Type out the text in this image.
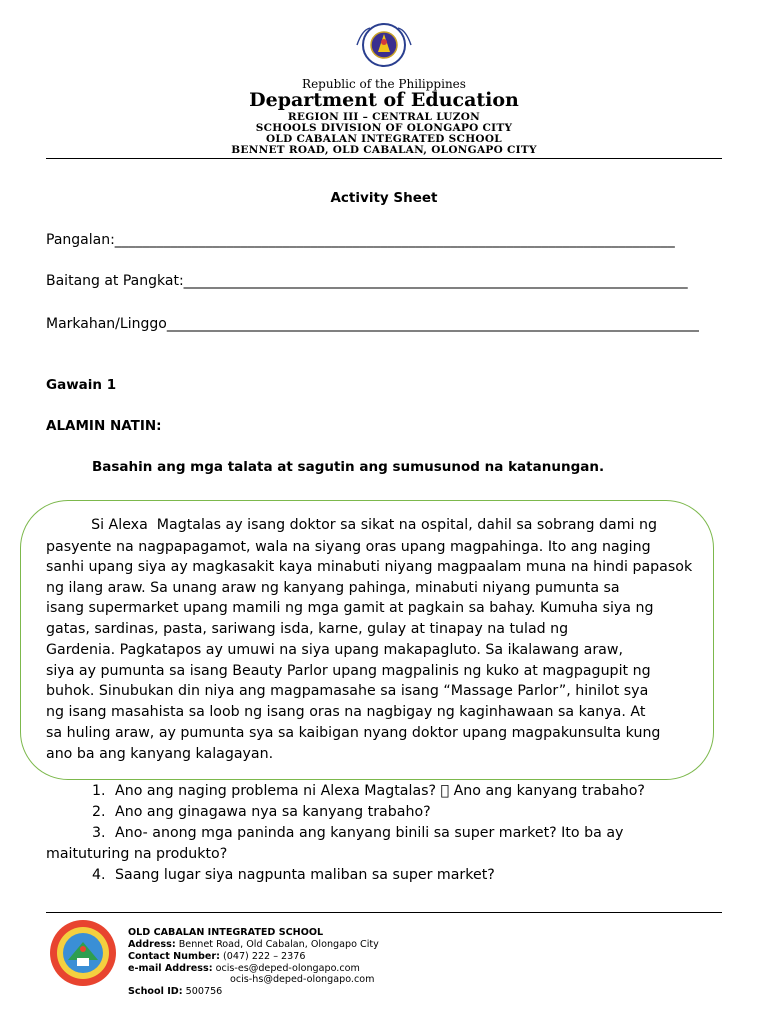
Republic of the Philippines
Department of Education
REGION III – CENTRAL LUZON
SCHOOLS DIVISION OF OLONGAPO CITY
OLD CABALAN INTEGRATED SCHOOL
BENNET ROAD, OLD CABALAN, OLONGAPO CITY
Activity Sheet
Pangalan:________________________________________________________________________________
Baitang at Pangkat:________________________________________________________________________
Markahan/Linggo____________________________________________________________________________
Gawain 1
ALAMIN NATIN:
Basahin ang mga talata at sagutin ang sumusunod na katanungan.
Si Alexa  Magtalas ay isang doktor sa sikat na ospital, dahil sa sobrang dami ng
pasyente na nagpapagamot, wala na siyang oras upang magpahinga. Ito ang naging
sanhi upang siya ay magkasakit kaya minabuti niyang magpaalam muna na hindi papasok
ng ilang araw. Sa unang araw ng kanyang pahinga, minabuti niyang pumunta sa
isang supermarket upang mamili ng mga gamit at pagkain sa bahay. Kumuha siya ng
gatas, sardinas, pasta, sariwang isda, karne, gulay at tinapay na tulad ng
Gardenia. Pagkatapos ay umuwi na siya upang makapagluto. Sa ikalawang araw,
siya ay pumunta sa isang Beauty Parlor upang magpalinis ng kuko at magpagupit ng
buhok. Sinubukan din niya ang magpamasahe sa isang “Massage Parlor”, hinilot sya
ng isang masahista sa loob ng isang oras na nagbigay ng kaginhawaan sa kanya. At
sa huling araw, ay pumunta sya sa kaibigan nyang doktor upang magpakunsulta kung
ano ba ang kanyang kalagayan.
1. Ano ang naging problema ni Alexa Magtalas?   Ano ang kanyang trabaho?
2. Ano ang ginagawa nya sa kanyang trabaho?
3. Ano- anong mga paninda ang kanyang binili sa super market? Ito ba ay
maituturing na produkto?
4. Saang lugar siya nagpunta maliban sa super market?
OLD CABALAN INTEGRATED SCHOOL
Address: Bennet Road, Old Cabalan, Olongapo City
Contact Number: (047) 222 – 2376
e-mail Address: ocis-es@deped-olongapo.com
ocis-hs@deped-olongapo.com
School ID: 500756
